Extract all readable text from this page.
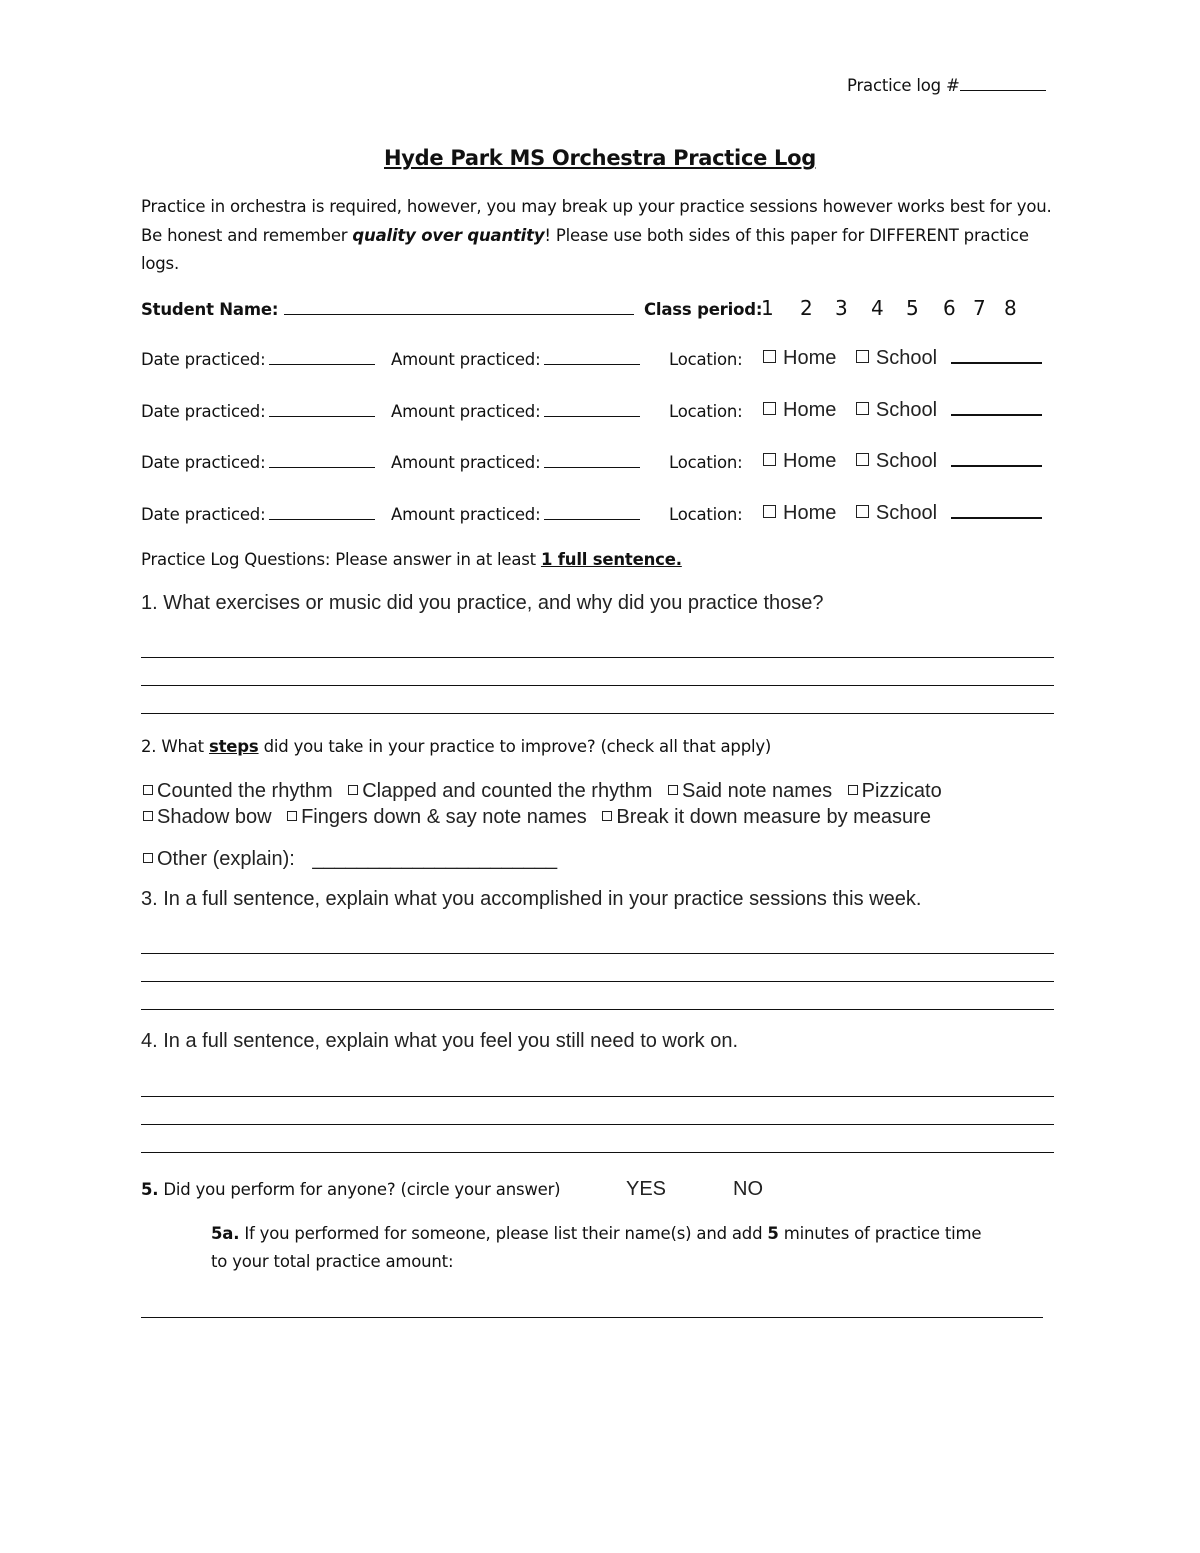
Practice log #
Hyde Park MS Orchestra Practice Log
Practice in orchestra is required, however, you may break up your practice sessions however works best for you. Be honest and remember quality over quantity! Please use both sides of this paper for DIFFERENT practice logs.
Student Name:	Class period:
1 2 3 4 5 6 7 8
Date practiced:	Amount practiced:	Location:	Home School
Date practiced:	Amount practiced:	Location:	Home School
Date practiced:	Amount practiced:	Location:	Home School
Date practiced:	Amount practiced:	Location:	Home School
Practice Log Questions: Please answer in at least 1 full sentence.
1. What exercises or music did you practice, and why did you practice those?
2. What steps did you take in your practice to improve? (check all that apply)
Counted the rhythm Clapped and counted the rhythm Said note names Pizzicato
Shadow bow Fingers down & say note names Break it down measure by measure
Other (explain): ______________________
3. In a full sentence, explain what you accomplished in your practice sessions this week.
4. In a full sentence, explain what you feel you still need to work on.
5. Did you perform for anyone? (circle your answer)	YES	NO
5a. If you performed for someone, please list their name(s) and add 5 minutes of practice time
to your total practice amount:
